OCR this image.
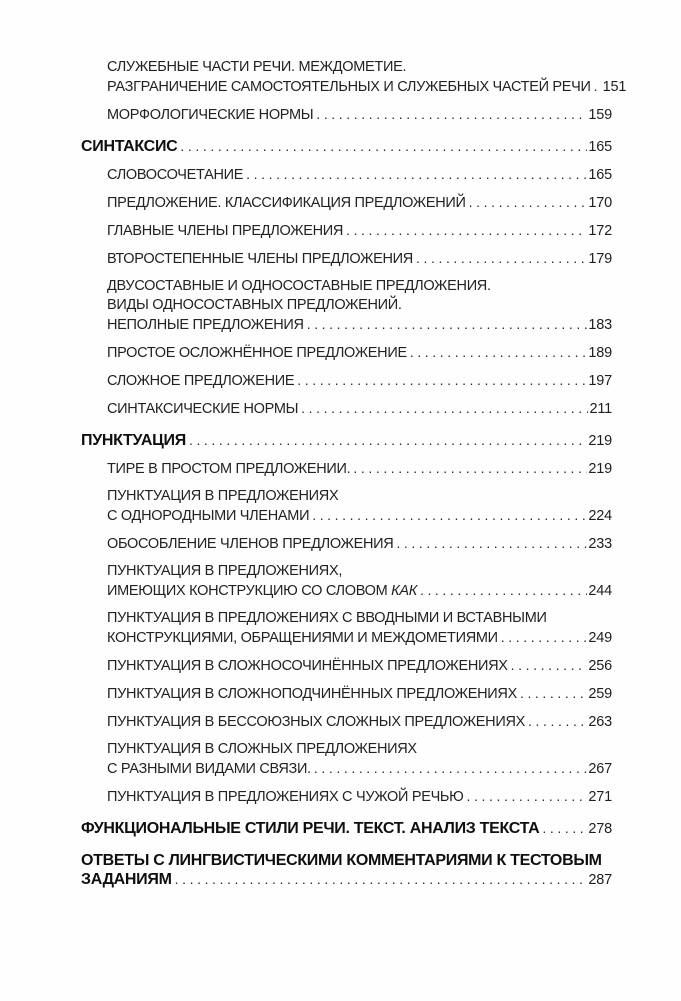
СЛУЖЕБНЫЕ ЧАСТИ РЕЧИ. МЕЖДОМЕТИЕ.
РАЗГРАНИЧЕНИЕ САМОСТОЯТЕЛЬНЫХ И СЛУЖЕБНЫХ ЧАСТЕЙ РЕЧИ ..... 151
МОРФОЛОГИЧЕСКИЕ НОРМЫ .....	159
СИНТАКСИС .....	165
СЛОВОСОЧЕТАНИЕ .....	165
ПРЕДЛОЖЕНИЕ. КЛАССИФИКАЦИЯ ПРЕДЛОЖЕНИЙ .....	170
ГЛАВНЫЕ ЧЛЕНЫ ПРЕДЛОЖЕНИЯ .....	172
ВТОРОСТЕПЕННЫЕ ЧЛЕНЫ ПРЕДЛОЖЕНИЯ .....	179
ДВУСОСТАВНЫЕ И ОДНОСОСТАВНЫЕ ПРЕДЛОЖЕНИЯ.
ВИДЫ ОДНОСОСТАВНЫХ ПРЕДЛОЖЕНИЙ.
НЕПОЛНЫЕ ПРЕДЛОЖЕНИЯ .....	183
ПРОСТОЕ ОСЛОЖНЁННОЕ ПРЕДЛОЖЕНИЕ .....	189
СЛОЖНОЕ ПРЕДЛОЖЕНИЕ .....	197
СИНТАКСИЧЕСКИЕ НОРМЫ .....	211
ПУНКТУАЦИЯ .....	219
ТИРЕ В ПРОСТОМ ПРЕДЛОЖЕНИИ. .....	219
ПУНКТУАЦИЯ В ПРЕДЛОЖЕНИЯХ
С ОДНОРОДНЫМИ ЧЛЕНАМИ .....	224
ОБОСОБЛЕНИЕ ЧЛЕНОВ ПРЕДЛОЖЕНИЯ .....	233
ПУНКТУАЦИЯ В ПРЕДЛОЖЕНИЯХ,
ИМЕЮЩИХ КОНСТРУКЦИЮ СО СЛОВОМ КАК .....	244
ПУНКТУАЦИЯ В ПРЕДЛОЖЕНИЯХ С ВВОДНЫМИ И ВСТАВНЫМИ
КОНСТРУКЦИЯМИ, ОБРАЩЕНИЯМИ И МЕЖДОМЕТИЯМИ .....	249
ПУНКТУАЦИЯ В СЛОЖНОСОЧИНЁННЫХ ПРЕДЛОЖЕНИЯХ .....	256
ПУНКТУАЦИЯ В СЛОЖНОПОДЧИНЁННЫХ ПРЕДЛОЖЕНИЯХ .....	259
ПУНКТУАЦИЯ В БЕССОЮЗНЫХ СЛОЖНЫХ ПРЕДЛОЖЕНИЯХ .....	263
ПУНКТУАЦИЯ В СЛОЖНЫХ ПРЕДЛОЖЕНИЯХ
С РАЗНЫМИ ВИДАМИ СВЯЗИ. .....	267
ПУНКТУАЦИЯ В ПРЕДЛОЖЕНИЯХ С ЧУЖОЙ РЕЧЬЮ .....	271
ФУНКЦИОНАЛЬНЫЕ СТИЛИ РЕЧИ. ТЕКСТ. АНАЛИЗ ТЕКСТА .....	278
ОТВЕТЫ С ЛИНГВИСТИЧЕСКИМИ КОММЕНТАРИЯМИ К ТЕСТОВЫМ
ЗАДАНИЯМ .....	287
